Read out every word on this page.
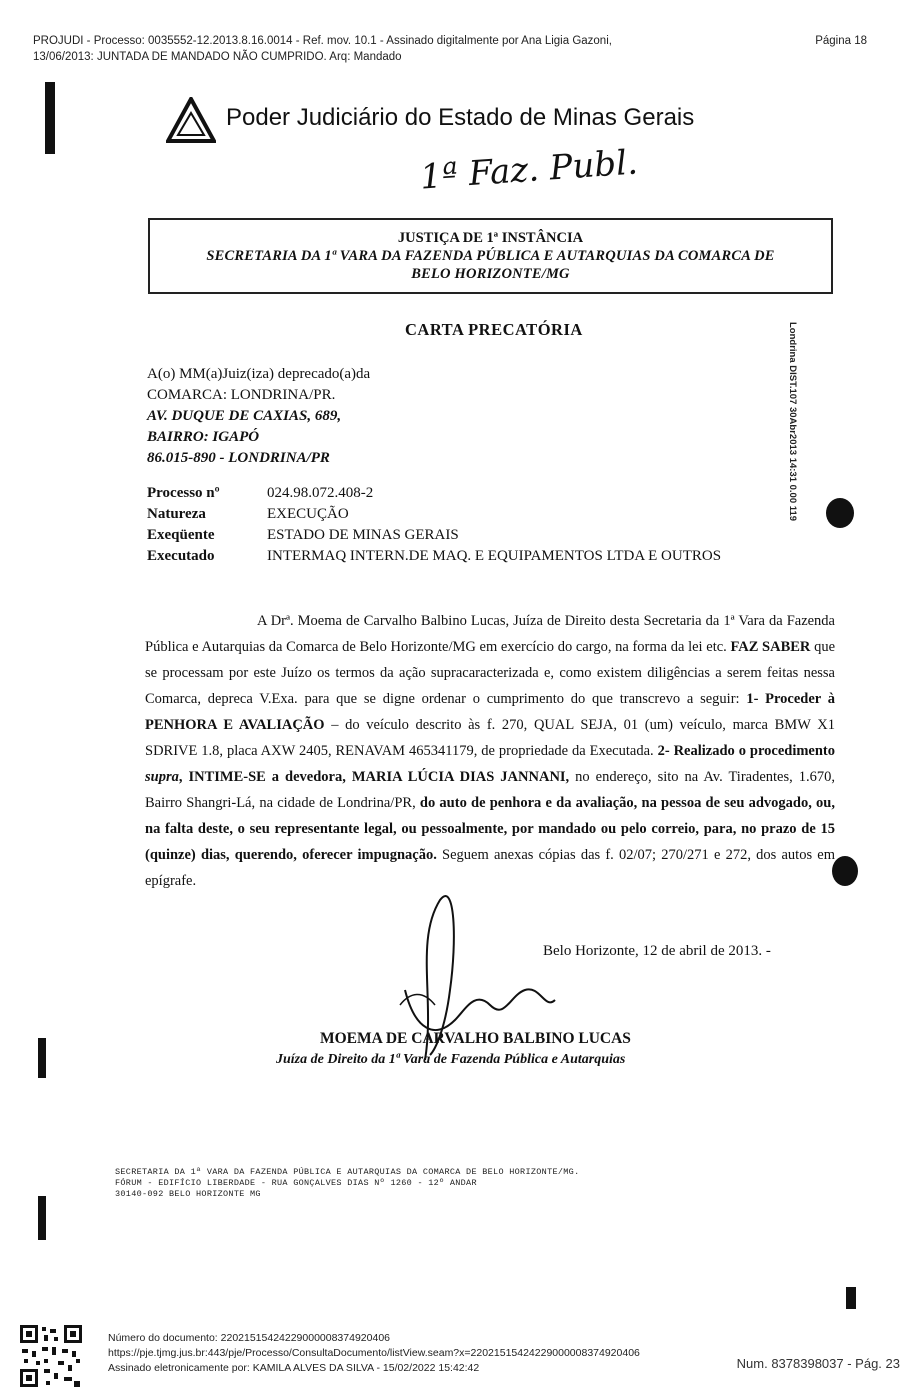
PROJUDI - Processo: 0035552-12.2013.8.16.0014 - Ref. mov. 10.1 - Assinado digitalmente por Ana Ligia Gazoni,
13/06/2013: JUNTADA DE MANDADO NÃO CUMPRIDO. Arq: Mandado
Página 18
Poder Judiciário do Estado de Minas Gerais
1ª Faz. Publ.
JUSTIÇA DE 1ª INSTÂNCIA
SECRETARIA DA 1ª VARA DA FAZENDA PÚBLICA E AUTARQUIAS DA COMARCA DE
BELO HORIZONTE/MG
CARTA PRECATÓRIA	Londrina DIST.107 30Abr2013 14:31 0.00 119
A(o) MM(a)Juiz(iza) deprecado(a)da
COMARCA: LONDRINA/PR.
AV. DUQUE DE CAXIAS, 689,
BAIRRO: IGAPÓ
86.015-890 - LONDRINA/PR
Processo nº	024.98.072.408-2
Natureza	EXECUÇÃO
Exeqüente	ESTADO DE MINAS GERAIS
Executado	INTERMAQ INTERN.DE MAQ. E EQUIPAMENTOS LTDA E OUTROS
A Drª. Moema de Carvalho Balbino Lucas, Juíza de Direito desta Secretaria da 1ª Vara da Fazenda Pública e Autarquias da Comarca de Belo Horizonte/MG em exercício do cargo, na forma da lei etc. FAZ SABER que se processam por este Juízo os termos da ação supracaracterizada e, como existem diligências a serem feitas nessa Comarca, depreca V.Exa. para que se digne ordenar o cumprimento do que transcrevo a seguir: 1- Proceder à PENHORA E AVALIAÇÃO – do veículo descrito às f. 270, QUAL SEJA, 01 (um) veículo, marca BMW X1 SDRIVE 1.8, placa AXW 2405, RENAVAM 465341179, de propriedade da Executada. 2- Realizado o procedimento supra, INTIME-SE a devedora, MARIA LÚCIA DIAS JANNANI, no endereço, sito na Av. Tiradentes, 1.670, Bairro Shangri-Lá, na cidade de Londrina/PR, do auto de penhora e da avaliação, na pessoa de seu advogado, ou, na falta deste, o seu representante legal, ou pessoalmente, por mandado ou pelo correio, para, no prazo de 15 (quinze) dias, querendo, oferecer impugnação. Seguem anexas cópias das f. 02/07; 270/271 e 272, dos autos em epígrafe.
Belo Horizonte, 12 de abril de 2013. -
MOEMA DE CARVALHO BALBINO LUCAS
Juíza de Direito da 1ª Vara de Fazenda Pública e Autarquias
SECRETARIA DA 1ª VARA DA FAZENDA PÚBLICA E AUTARQUIAS DA COMARCA DE BELO HORIZONTE/MG.
FÓRUM - EDIFÍCIO LIBERDADE - RUA GONÇALVES DIAS Nº 1260 - 12º ANDAR
30140-092 BELO HORIZONTE MG
Número do documento: 22021515424229000008374920406
https://pje.tjmg.jus.br:443/pje/Processo/ConsultaDocumento/listView.seam?x=22021515424229000008374920406
Assinado eletronicamente por: KAMILA ALVES DA SILVA - 15/02/2022 15:42:42	Num. 8378398037 - Pág. 23
